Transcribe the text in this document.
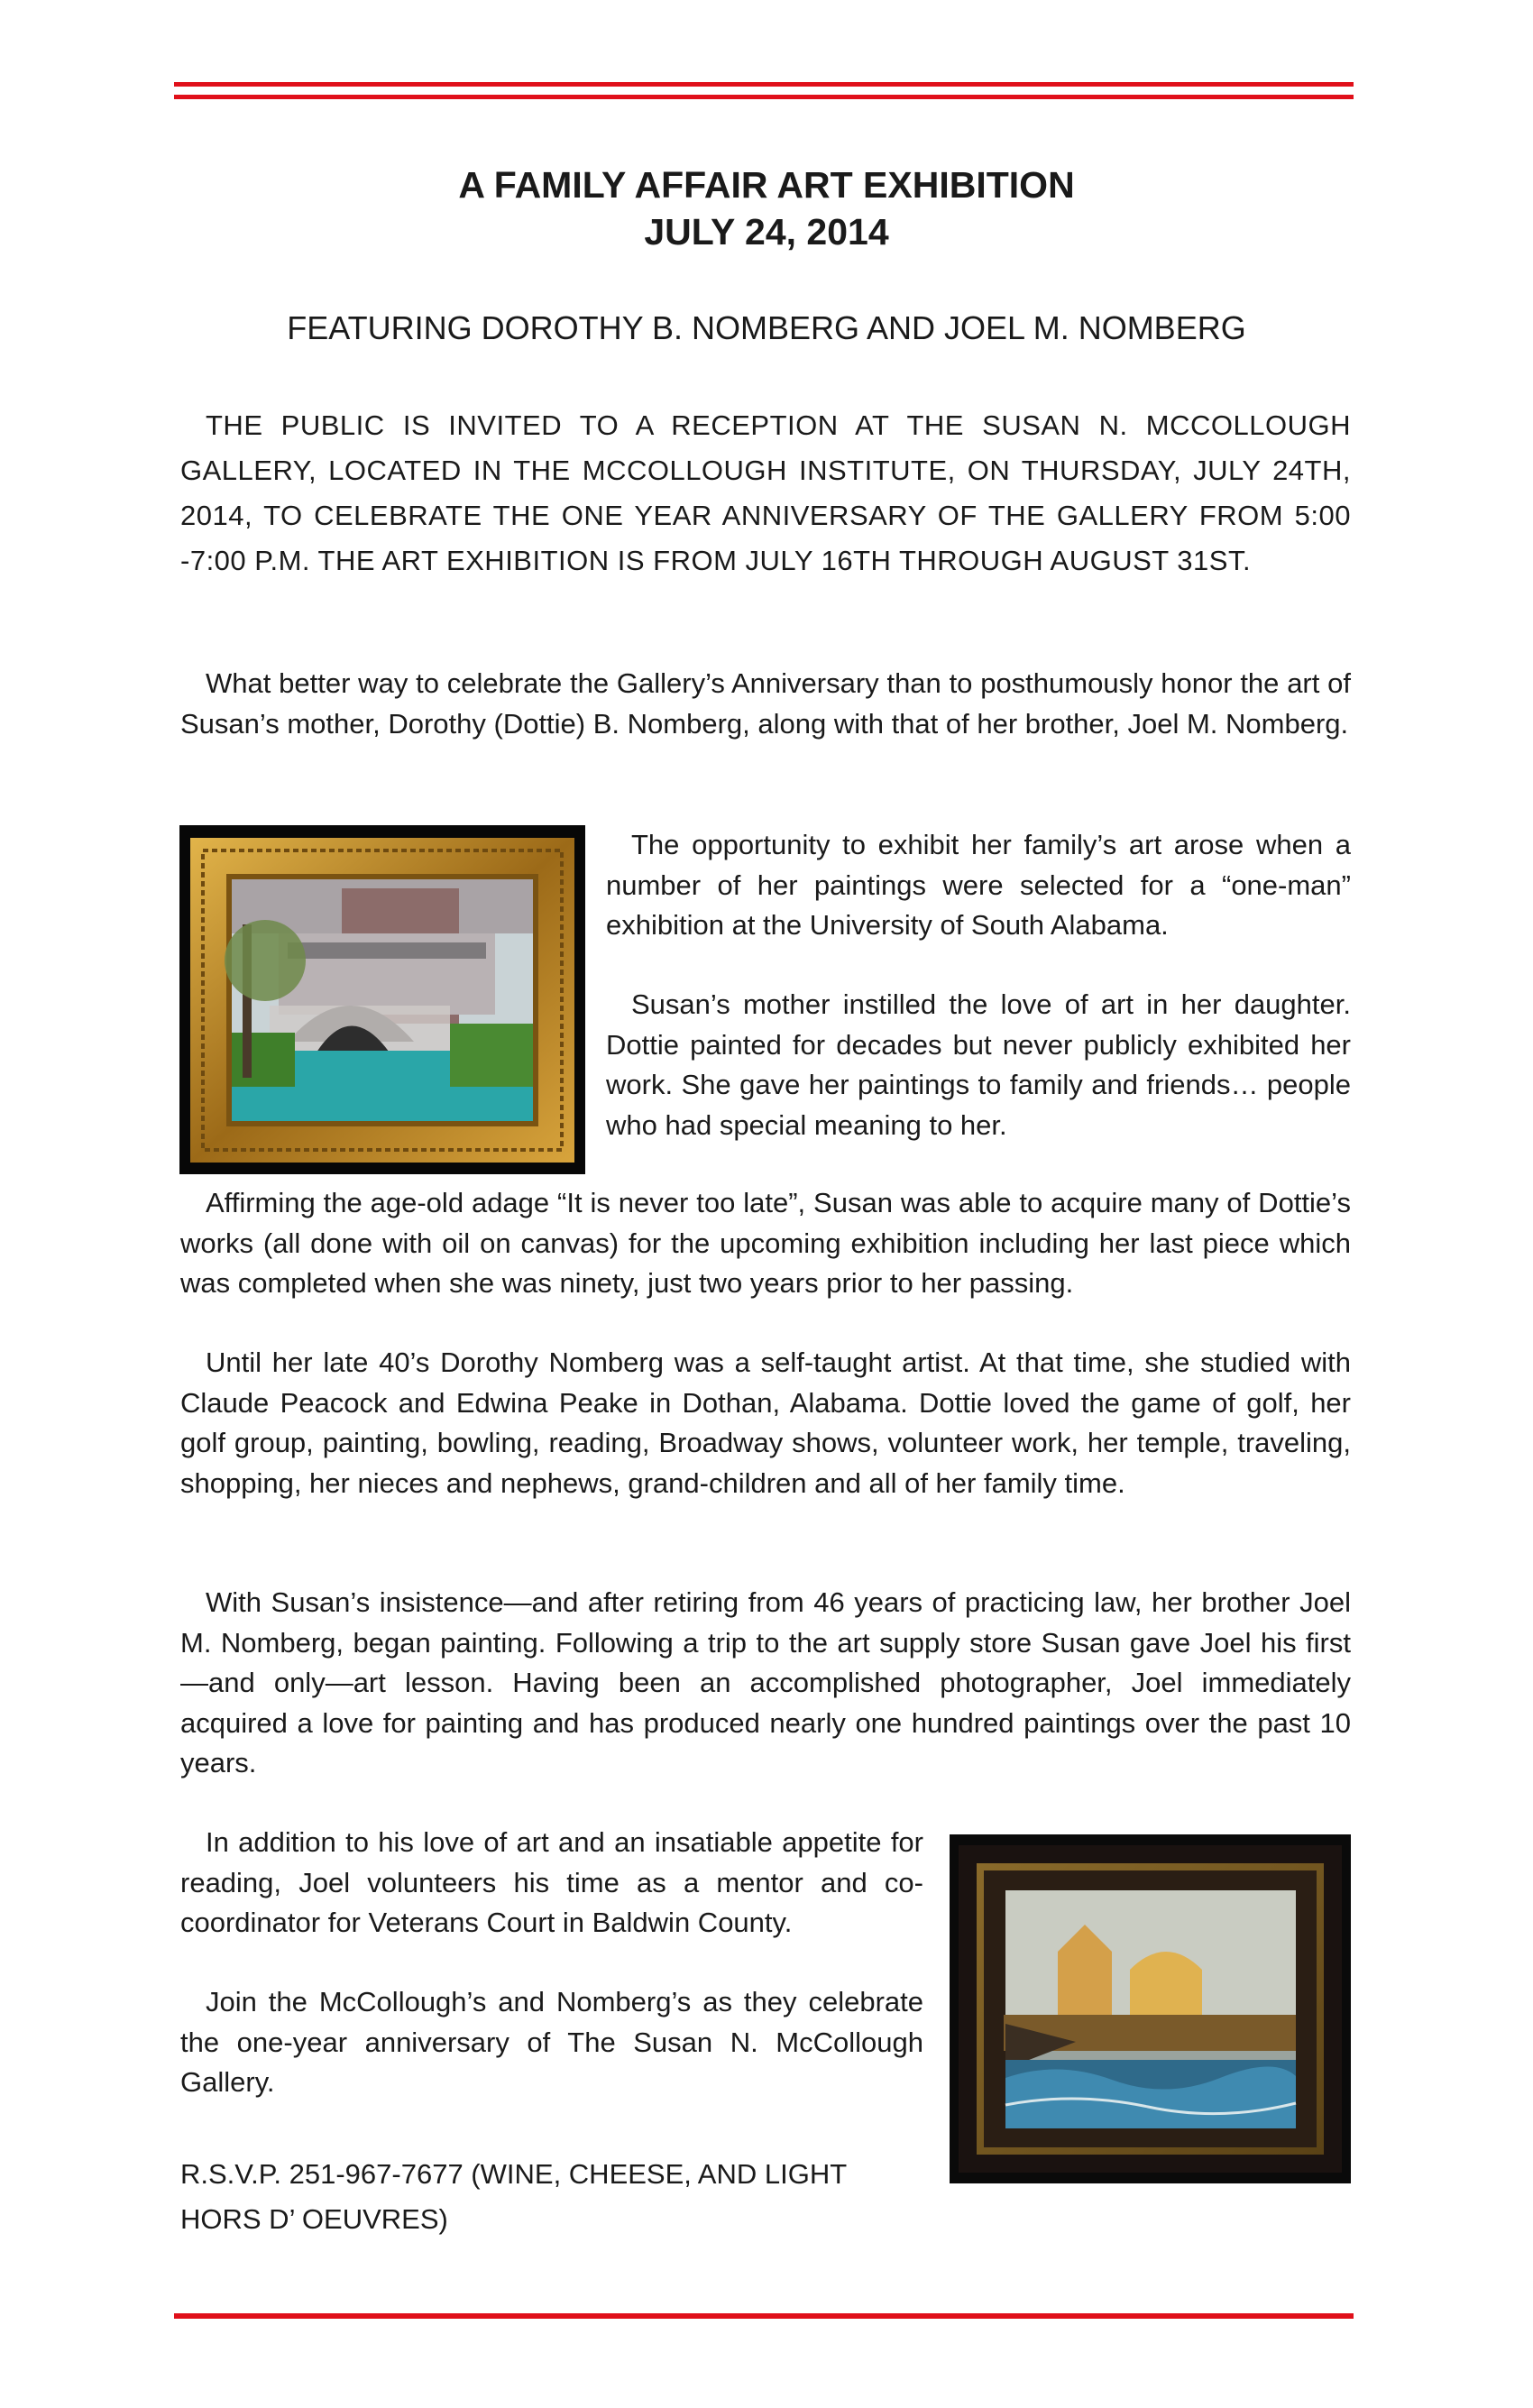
A FAMILY AFFAIR ART EXHIBITION
JULY 24, 2014
FEATURING DOROTHY B. NOMBERG AND JOEL M. NOMBERG

THE PUBLIC IS INVITED TO A RECEPTION AT THE SUSAN N. MCCOLLOUGH GALLERY, LOCATED IN THE MCCOLLOUGH INSTITUTE, ON THURSDAY, JULY 24TH, 2014, TO CELEBRATE THE ONE YEAR ANNIVERSARY OF THE GALLERY FROM 5:00 -7:00 P.M. THE ART EXHIBITION IS FROM JULY 16TH THROUGH AUGUST 31ST.

What better way to celebrate the Gallery’s Anniversary than to posthumously honor the art of Susan’s mother, Dorothy (Dottie) B. Nomberg, along with that of her brother, Joel M. Nomberg.

The opportunity to exhibit her family’s art arose when a number of her paintings were selected for a “one-man” exhibition at the University of South Alabama.

Susan’s mother instilled the love of art in her daughter. Dottie painted for decades but never publicly exhibited her work. She gave her paintings to family and friends… people who had special meaning to her.

Affirming the age-old adage “It is never too late”, Susan was able to acquire many of Dottie’s works (all done with oil on canvas) for the upcoming exhibition including her last piece which was completed when she was ninety, just two years prior to her passing.

Until her late 40’s Dorothy Nomberg was a self-taught artist. At that time, she studied with Claude Peacock and Edwina Peake in Dothan, Alabama. Dottie loved the game of golf, her golf group, painting, bowling, reading, Broadway shows, volunteer work, her temple, traveling, shopping, her nieces and nephews, grand-children and all of her family time.

With Susan’s insistence—and after retiring from 46 years of practicing law, her brother Joel M. Nomberg, began painting. Following a trip to the art supply store Susan gave Joel his first—and only—art lesson. Having been an accomplished photographer, Joel immediately acquired a love for painting and has produced nearly one hundred paintings over the past 10 years.

In addition to his love of art and an insatiable appetite for reading, Joel volunteers his time as a mentor and co-coordinator for Veterans Court in Baldwin County.

Join the McCollough’s and Nomberg’s as they celebrate the one-year anniversary of The Susan N. McCollough Gallery.

R.S.V.P. 251-967-7677 (WINE, CHEESE, AND LIGHT HORS D’ OEUVRES)
